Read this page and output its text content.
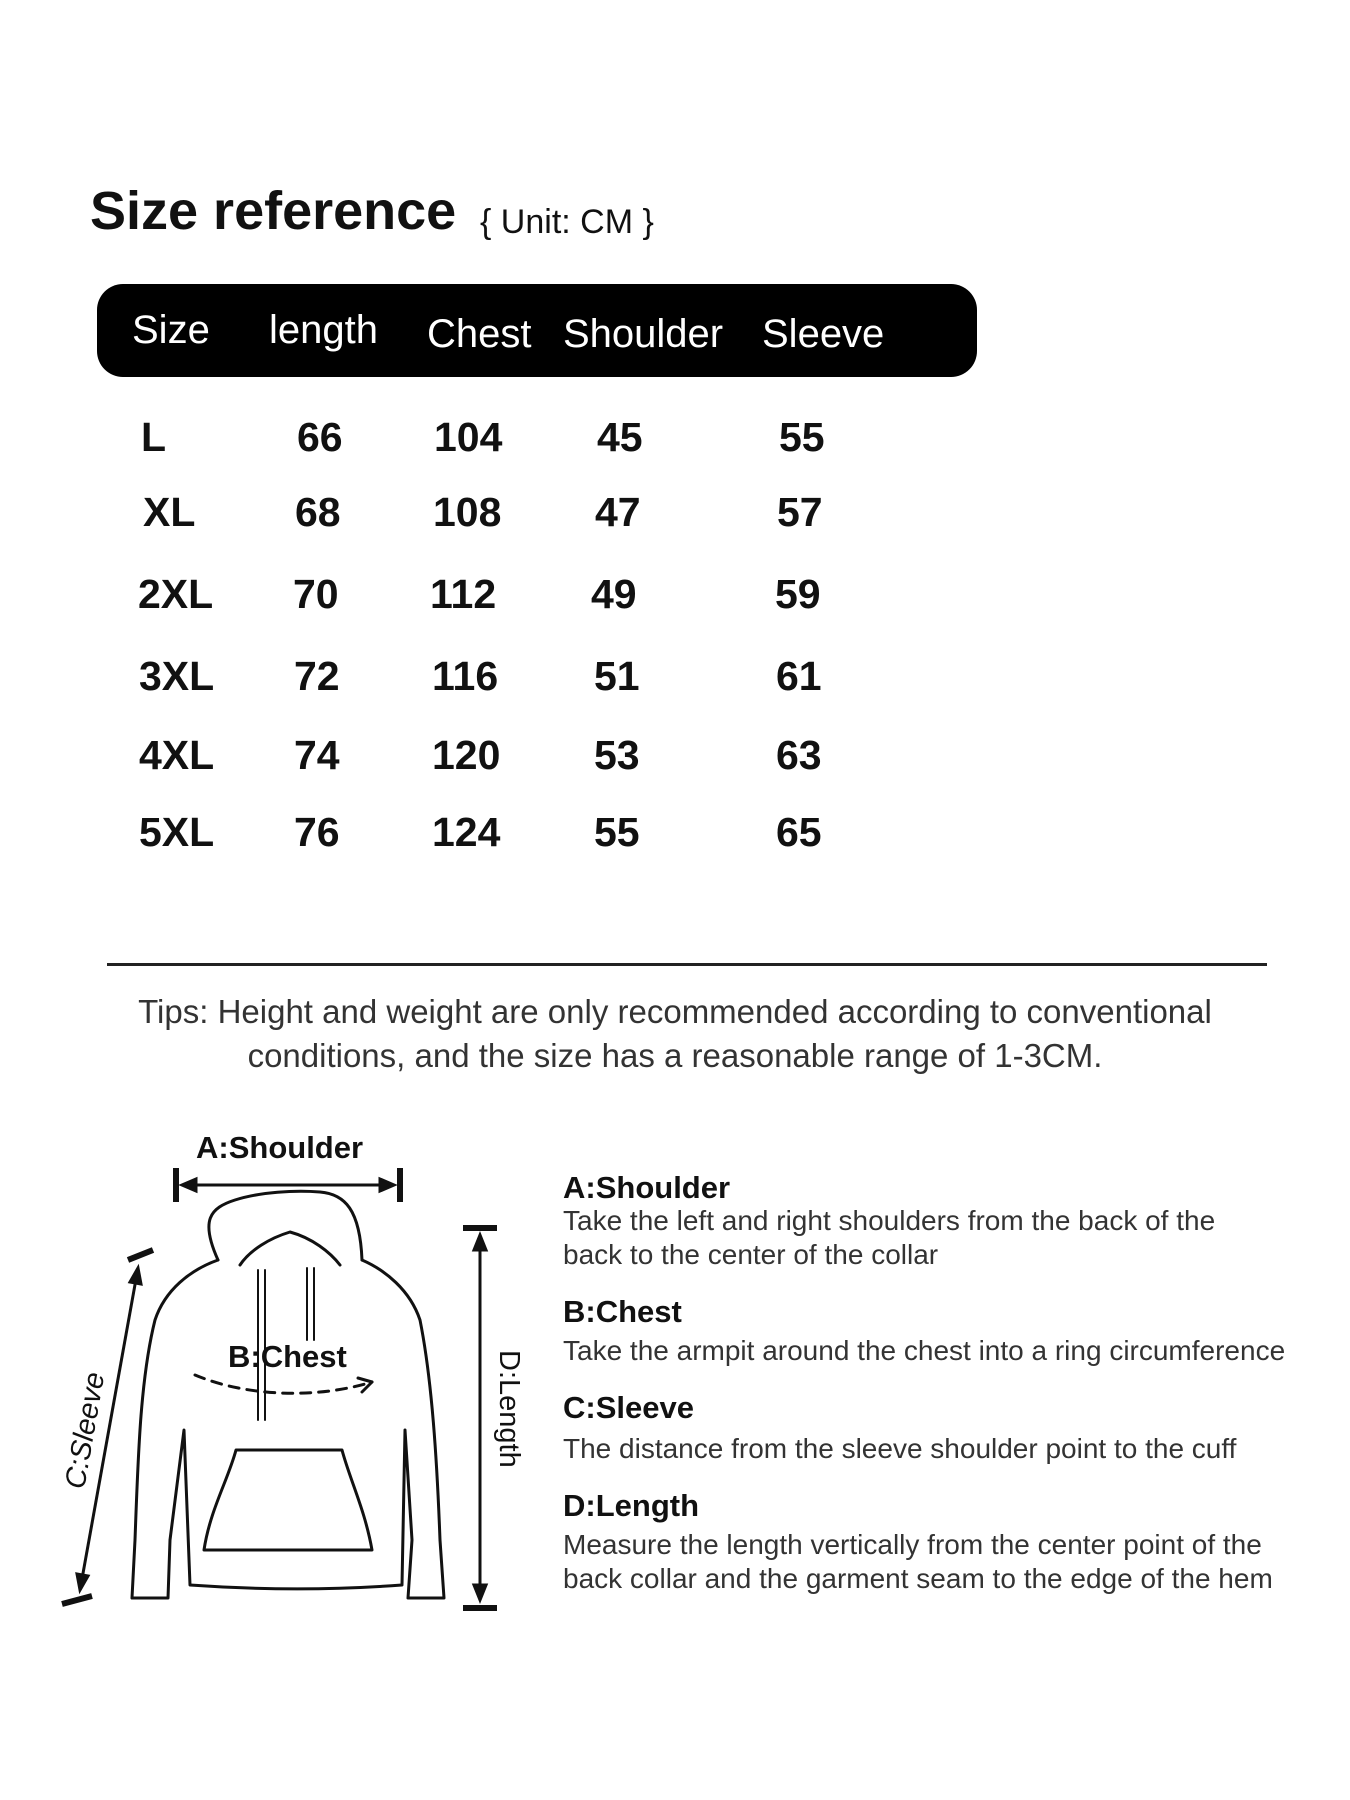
Size reference { Unit: CM }
Size length Chest Shoulder Sleeve
L	66 104 45	55
XL 68 108 47	57
2XL 70 112 49	59
3XL 72 116 51	61
4XL 74 120 53	63
5XL 76 124 55	65
Tips: Height and weight are only recommended according to conventional
conditions, and the size has a reasonable range of 1-3CM.
A:Shoulder
B:Chest
C:Sleeve	D:Length
A:Shoulder
Take the left and right shoulders from the back of the back to the center of the collar
B:Chest
Take the armpit around the chest into a ring circumference
C:Sleeve
The distance from the sleeve shoulder point to the cuff
D:Length
Measure the length vertically from the center point of the back collar and the garment seam to the edge of the hem
